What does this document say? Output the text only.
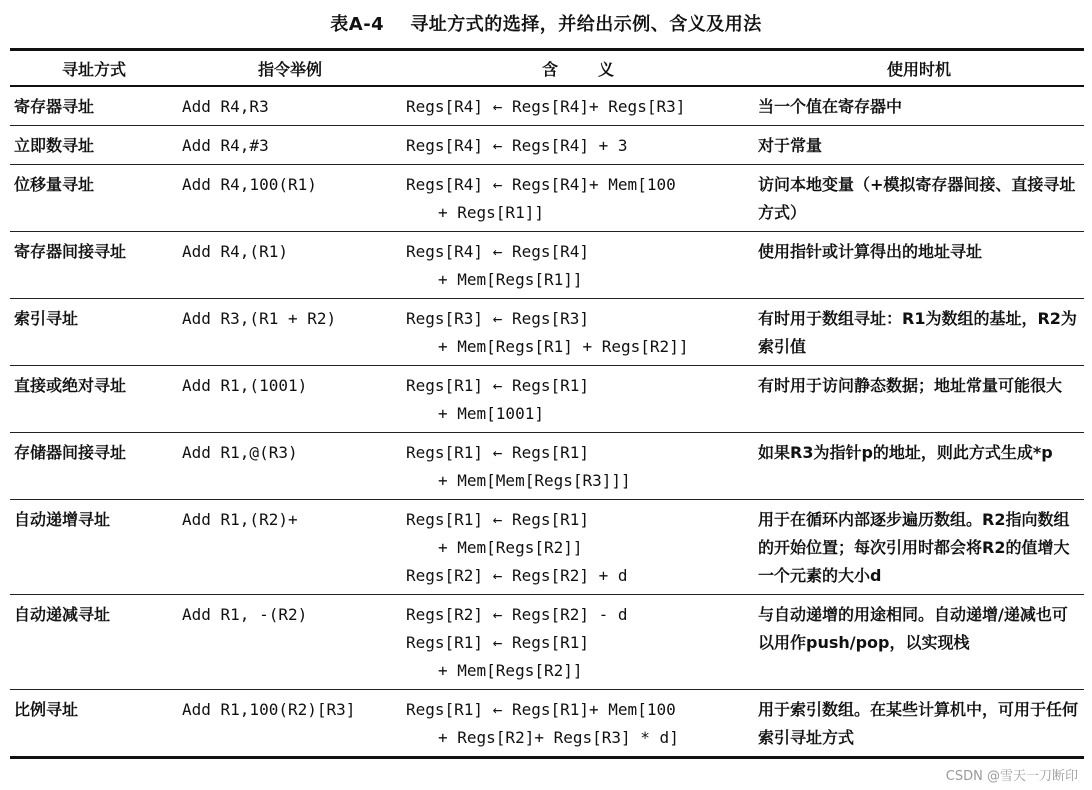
表A-4 寻址方式的选择，并给出示例、含义及用法
寻址方式	指令举例	含义	使用时机
寄存器寻址	Add R4,R3	Regs[R4] ← Regs[R4]+ Regs[R3]	当一个值在寄存器中
立即数寻址	Add R4,#3	Regs[R4] ← Regs[R4] + 3	对于常量
位移量寻址	Add R4,100(R1)	Regs[R4] ← Regs[R4]+ Mem[100
+ Regs[R1]]	访问本地变量（+模拟寄存器间接、直接寻址方式）
寄存器间接寻址	Add R4,(R1)	Regs[R4] ← Regs[R4]
+ Mem[Regs[R1]]	使用指针或计算得出的地址寻址
索引寻址	Add R3,(R1 + R2)	Regs[R3] ← Regs[R3]
+ Mem[Regs[R1] + Regs[R2]]	有时用于数组寻址：R1为数组的基址，R2为索引值
直接或绝对寻址	Add R1,(1001)	Regs[R1] ← Regs[R1]
+ Mem[1001]	有时用于访问静态数据；地址常量可能很大
存储器间接寻址	Add R1,@(R3)	Regs[R1] ← Regs[R1]
+ Mem[Mem[Regs[R3]]]	如果R3为指针p的地址，则此方式生成*p
自动递增寻址	Add R1,(R2)+	Regs[R1] ← Regs[R1]
+ Mem[Regs[R2]]
Regs[R2] ← Regs[R2] + d	用于在循环内部逐步遍历数组。R2指向数组的开始位置；每次引用时都会将R2的值增大一个元素的大小d
自动递减寻址	Add R1, -(R2)	Regs[R2] ← Regs[R2] - d
Regs[R1] ← Regs[R1]
+ Mem[Regs[R2]]	与自动递增的用途相同。自动递增/递减也可以用作push/pop，以实现栈
比例寻址	Add R1,100(R2)[R3]	Regs[R1] ← Regs[R1]+ Mem[100
+ Regs[R2]+ Regs[R3] * d]	用于索引数组。在某些计算机中，可用于任何索引寻址方式
CSDN @雪天一刀断印
